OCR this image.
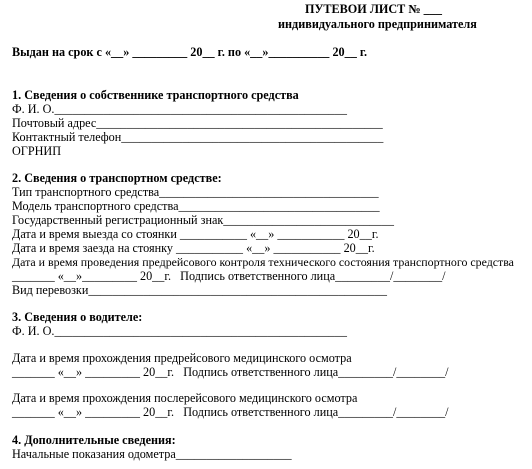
ПУТЕВОИ ЛИСТ № ___
индивидуального предпринимателя
Выдан на срок с «__» _________ 20__ г. по «__»__________ 20__ г.
1. Сведения о собственнике транспортного средства
Ф. И. О.________________________________________________
Почтовый адрес_______________________________________________
Контактный телефон___________________________________________
ОГРНИП
2. Сведения о транспортном средстве:
Тип транспортного средства____________________________________
Модель транспортного средства_________________________________
Государственный регистрационный знак____________________________
Дата и время выезда со стоянки ___________ «__» ___________ 20__г.
Дата и время заезда на стоянку ___________ «__» ___________ 20__г.
Дата и время проведения предрейсового контроля технического состояния транспортного средства
_______ «__»_________ 20__г.   Подпись ответственного лица_________/________/
Вид перевозки_________________________________________________
3. Сведения о водителе:
Ф. И. О.________________________________________________
Дата и время прохождения предрейсового медицинского осмотра
_______ «__» _________ 20__г.   Подпись ответственного лица_________/________/
Дата и время прохождения послерейсового медицинского осмотра
_______ «__» _________ 20__г.   Подпись ответственного лица_________/________/
4. Дополнительные сведения:
Начальные показания одометра___________________
